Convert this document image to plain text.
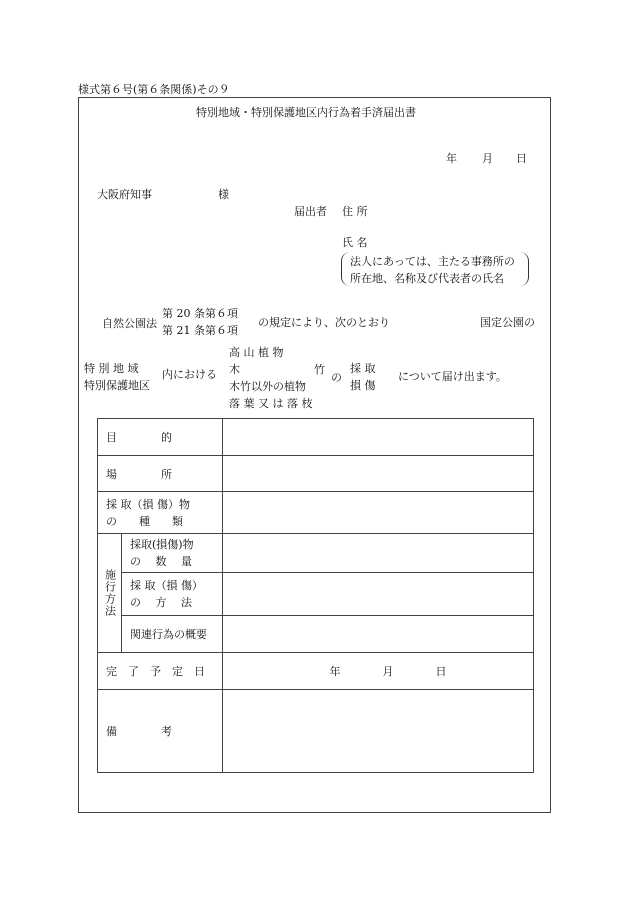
様式第６号(第６条関係)その９
特別地域・特別保護地区内行為着手済届出書
年 月 日
大阪府知事	様
届出者 住 所
氏 名
法人にあっては、主たる事務所の
所在地、名称及び代表者の氏名
自然公園法
第 20 条第６項
第 21 条第６項
の規定により、次のとおり	国定公園の
特 別 地 域
特別保護地区
内における
高 山 植 物
木	竹
木竹以外の植物
落 葉 又 は 落 枝
の
採 取
損 傷
について届け出ます。
目　　　　的		
場　　　　所		

採 取（損 傷）物
の　　種　　類		

施行方法	採取(損傷)物
の　 数　 量	

	採 取（損 傷）
の　 方　 法	

	関連行為の概要	
完　了　予　定　日		年 月 日

備　　　　考		
